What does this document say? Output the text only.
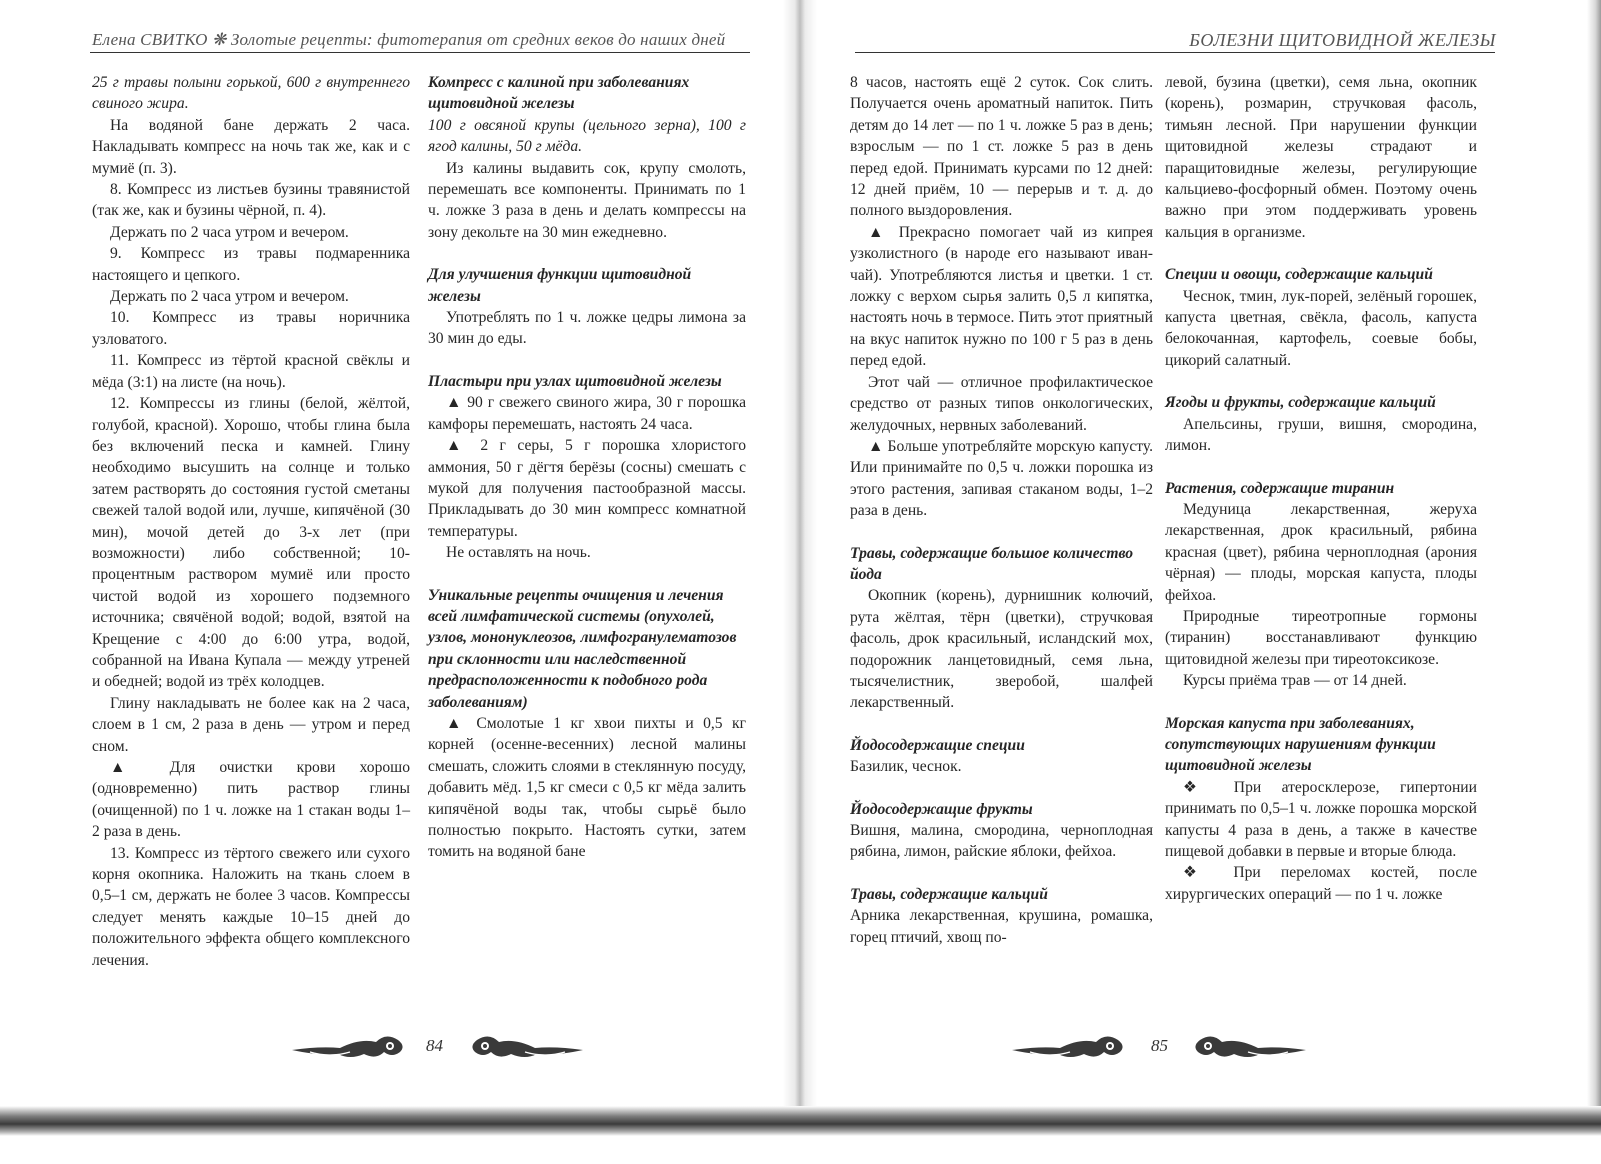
Елена СВИТКО ❋ Золотые рецепты: фитотерапия от средних веков до наших дней	БОЛЕЗНИ ЩИТОВИДНОЙ ЖЕЛЕЗЫ

25 г травы полыни горькой, 600 г внутреннего свиного жира.

На водяной бане держать 2 часа. Накладывать компресс на ночь так же, как и с мумиё (п. 3).

8. Компресс из листьев бузины травянистой (так же, как и бузины чёрной, п. 4).

Держать по 2 часа утром и вечером.

9. Компресс из травы подмаренника настоящего и цепкого.

Держать по 2 часа утром и вечером.

10. Компресс из травы норичника узловатого.

11. Компресс из тёртой красной свёклы и мёда (3:1) на листе (на ночь).

12. Компрессы из глины (белой, жёлтой, голубой, красной). Хорошо, чтобы глина была без включений песка и камней. Глину необходимо высушить на солнце и только затем растворять до состояния густой сметаны свежей талой водой или, лучше, кипячёной (30 мин), мочой детей до 3-х лет (при возможности) либо собственной; 10-процентным раствором мумиё или просто чистой водой из хорошего подземного источника; свячёной водой; водой, взятой на Крещение с 4:00 до 6:00 утра, водой, собранной на Ивана Купала — между утреней и обедней; водой из трёх колодцев.

Глину накладывать не более как на 2 часа, слоем в 1 см, 2 раза в день — утром и перед сном.

▲ Для очистки крови хорошо (одновременно) пить раствор глины (очищенной) по 1 ч. ложке на 1 стакан воды 1–2 раза в день.

13. Компресс из тёртого свежего или сухого корня окопника. Наложить на ткань слоем в 0,5–1 см, держать не более 3 часов. Компрессы следует менять каждые 10–15 дней до положительного эффекта общего комплексного лечения.

Компресс с калиной при заболеваниях щитовидной железы

100 г овсяной крупы (цельного зерна), 100 г ягод калины, 50 г мёда.

Из калины выдавить сок, крупу смолоть, перемешать все компоненты. Принимать по 1 ч. ложке 3 раза в день и делать компрессы на зону декольте на 30 мин ежедневно.

Для улучшения функции щитовидной железы

Употреблять по 1 ч. ложке цедры лимона за 30 мин до еды.

Пластыри при узлах щитовидной железы

▲ 90 г свежего свиного жира, 30 г порошка камфоры перемешать, настоять 24 часа.

▲ 2 г серы, 5 г порошка хлористого аммония, 50 г дёгтя берёзы (сосны) смешать с мукой для получения пастообразной массы. Прикладывать до 30 мин компресс комнатной температуры.

Не оставлять на ночь.

Уникальные рецепты очищения и лечения всей лимфатической системы (опухолей, узлов, мононуклеозов, лимфогранулематозов при склонности или наследственной предрасположенности к подобного рода заболеваниям)

▲ Смолотые 1 кг хвои пихты и 0,5 кг корней (осенне-весенних) лесной малины смешать, сложить слоями в стеклянную посуду, добавить мёд. 1,5 кг смеси с 0,5 кг мёда залить кипячёной воды так, чтобы сырьё было полностью покрыто. Настоять сутки, затем томить на водяной бане

8 часов, настоять ещё 2 суток. Сок слить. Получается очень ароматный напиток. Пить детям до 14 лет — по 1 ч. ложке 5 раз в день; взрослым — по 1 ст. ложке 5 раз в день перед едой. Принимать курсами по 12 дней: 12 дней приём, 10 — перерыв и т. д. до полного выздоровления.

▲ Прекрасно помогает чай из кипрея узколистного (в народе его называют иван-чай). Употребляются листья и цветки. 1 ст. ложку с верхом сырья залить 0,5 л кипятка, настоять ночь в термосе. Пить этот приятный на вкус напиток нужно по 100 г 5 раз в день перед едой.

Этот чай — отличное профилактическое средство от разных типов онкологических, желудочных, нервных заболеваний.

▲ Больше употребляйте морскую капусту. Или принимайте по 0,5 ч. ложки порошка из этого растения, запивая стаканом воды, 1–2 раза в день.

Травы, содержащие большое количество йода

Окопник (корень), дурнишник колючий, рута жёлтая, тёрн (цветки), стручковая фасоль, дрок красильный, исландский мох, подорожник ланцетовидный, семя льна, тысячелистник, зверобой, шалфей лекарственный.

Йодосодержащие специи

Базилик, чеснок.

Йодосодержащие фрукты

Вишня, малина, смородина, черноплодная рябина, лимон, райские яблоки, фейхоа.

Травы, содержащие кальций

Арника лекарственная, крушина, ромашка, горец птичий, хвощ по-

левой, бузина (цветки), семя льна, окопник (корень), розмарин, стручковая фасоль, тимьян лесной. При нарушении функции щитовидной железы страдают и паращитовидные железы, регулирующие кальциево-фосфорный обмен. Поэтому очень важно при этом поддерживать уровень кальция в организме.

Специи и овощи, содержащие кальций

Чеснок, тмин, лук-порей, зелёный горошек, капуста цветная, свёкла, фасоль, капуста белокочанная, картофель, соевые бобы, цикорий салатный.

Ягоды и фрукты, содержащие кальций

Апельсины, груши, вишня, смородина, лимон.

Растения, содержащие тиранин

Медуница лекарственная, жеруха лекарственная, дрок красильный, рябина красная (цвет), рябина черноплодная (арония чёрная) — плоды, морская капуста, плоды фейхоа.

Природные тиреотропные гормоны (тиранин) восстанавливают функцию щитовидной железы при тиреотоксикозе.

Курсы приёма трав — от 14 дней.

Морская капуста при заболеваниях, сопутствующих нарушениям функции щитовидной железы

❖ При атеросклерозе, гипертонии принимать по 0,5–1 ч. ложке порошка морской капусты 4 раза в день, а также в качестве пищевой добавки в первые и вторые блюда.

❖ При переломах костей, после хирургических операций — по 1 ч. ложке

84	85
